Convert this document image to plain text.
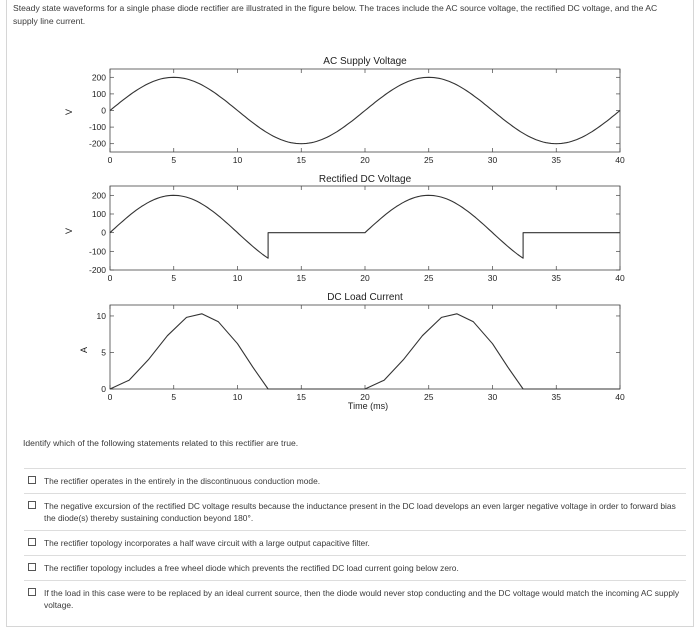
Steady state waveforms for a single phase diode rectifier are illustrated in the figure below. The traces include the AC source voltage, the rectified DC voltage, and the AC supply line current.
AC Supply Voltage
V
0	5	10	15	20	25	30	35	40
200
100
0
-100
-200
Rectified DC Voltage
V
0	5	10	15	20	25	30	35	40
200
100
0
-100
-200
DC Load Current
A
0	5	10	15	20	25	30	35	40
10
5
0
Time (ms)
Identify which of the following statements related to this rectifier are true.
The rectifier operates in the entirely in the discontinuous conduction mode.
The negative excursion of the rectified DC voltage results because the inductance present in the DC load develops an even larger negative voltage in order to forward bias the diode(s) thereby sustaining conduction beyond 180°.
The rectifier topology incorporates a half wave circuit with a large output capacitive filter.
The rectifier topology includes a free wheel diode which prevents the rectified DC load current going below zero.
If the load in this case were to be replaced by an ideal current source, then the diode would never stop conducting and the DC voltage would match the incoming AC supply voltage.
